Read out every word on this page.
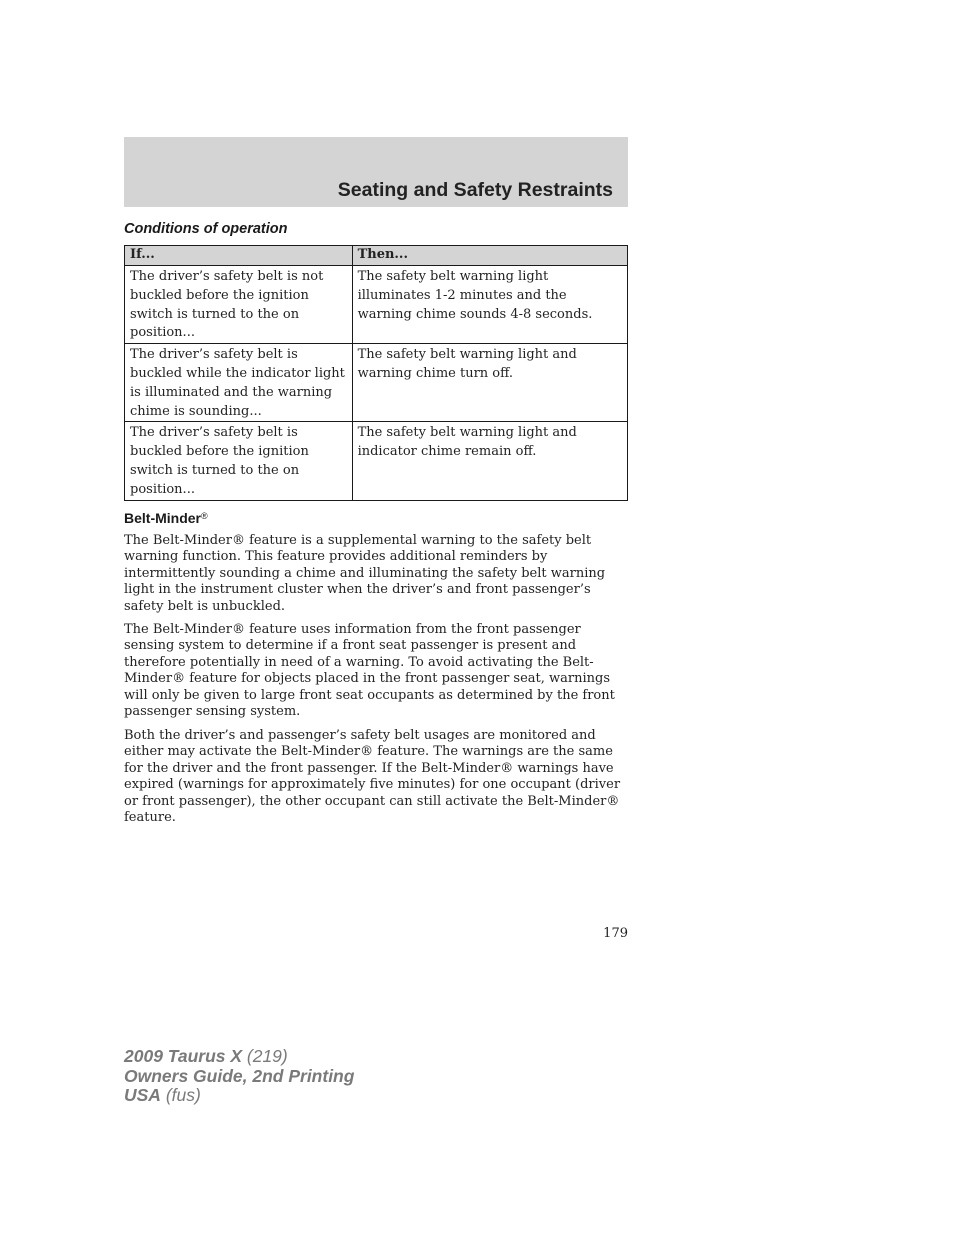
Seating and Safety Restraints
Conditions of operation
If...	Then...
The driver’s safety belt is not buckled before the ignition switch is turned to the on position...	The safety belt warning light illuminates 1-2 minutes and the warning chime sounds 4-8 seconds.
The driver’s safety belt is buckled while the indicator light is illuminated and the warning chime is sounding...	The safety belt warning light and warning chime turn off.
The driver’s safety belt is buckled before the ignition switch is turned to the on position...	The safety belt warning light and indicator chime remain off.
Belt-Minder®

The Belt-Minder® feature is a supplemental warning to the safety belt warning function. This feature provides additional reminders by intermittently sounding a chime and illuminating the safety belt warning light in the instrument cluster when the driver’s and front passenger’s safety belt is unbuckled.

The Belt-Minder® feature uses information from the front passenger sensing system to determine if a front seat passenger is present and therefore potentially in need of a warning. To avoid activating the Belt-Minder® feature for objects placed in the front passenger seat, warnings will only be given to large front seat occupants as determined by the front passenger sensing system.

Both the driver’s and passenger’s safety belt usages are monitored and either may activate the Belt-Minder® feature. The warnings are the same for the driver and the front passenger. If the Belt-Minder® warnings have expired (warnings for approximately five minutes) for one occupant (driver or front passenger), the other occupant can still activate the Belt-Minder® feature.

179
2009 Taurus X (219)
Owners Guide, 2nd Printing
USA (fus)
